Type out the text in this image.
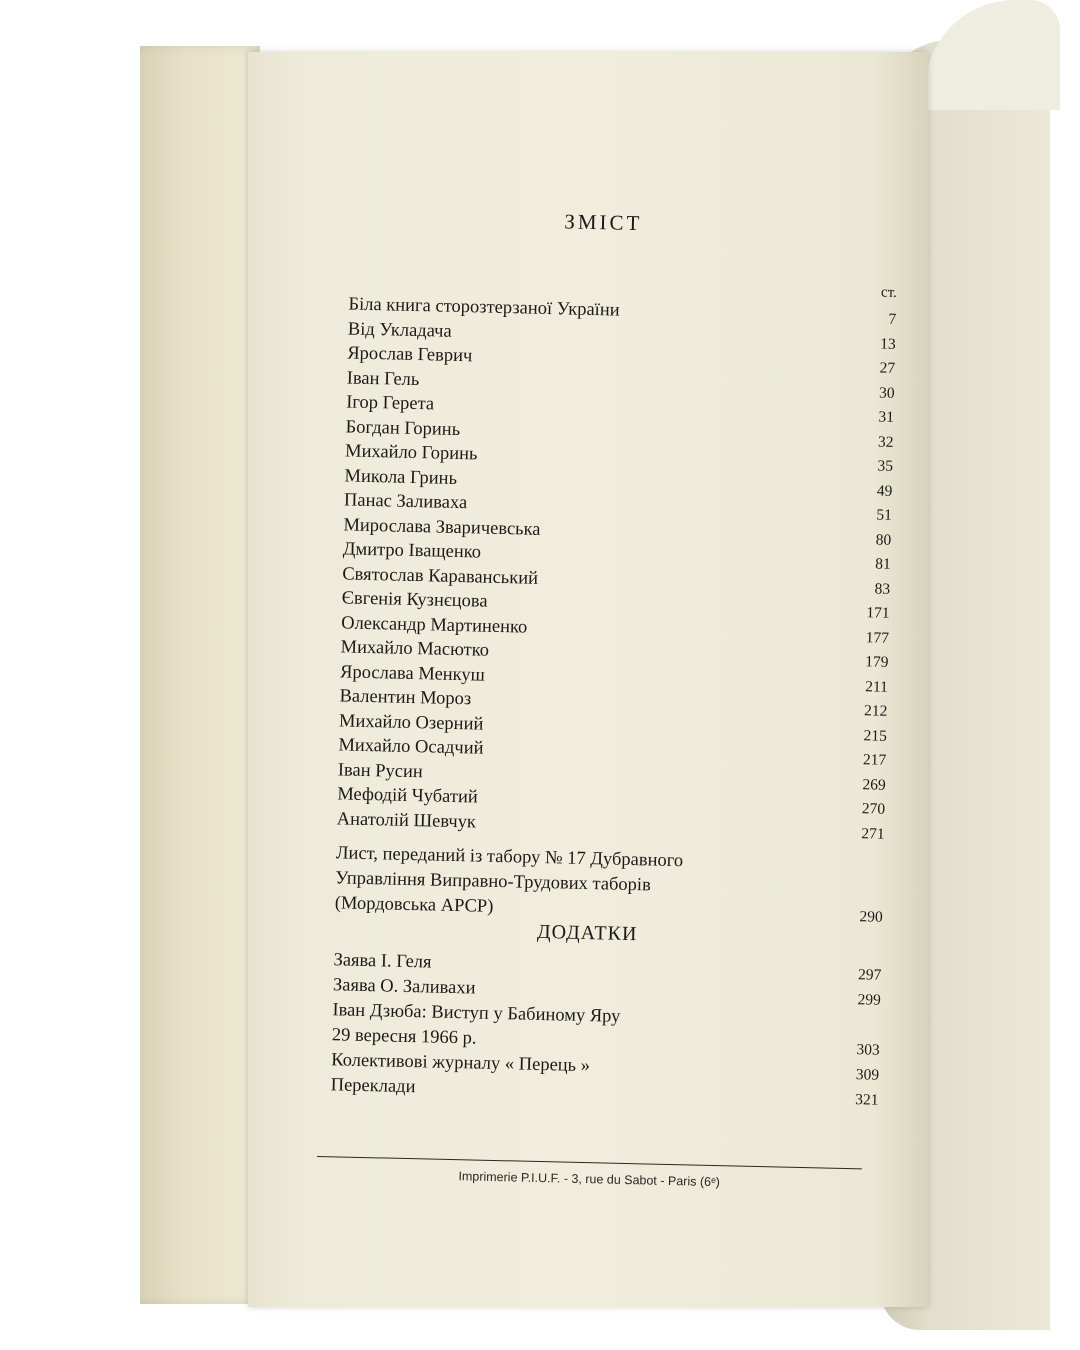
ЗМІСТ
ст.
Біла книга сторозтерзаної України	7
Від Укладача
13
Ярослав Геврич
27
Іван Гель
30
Ігор Герета
31
Богдан Горинь
32
Михайло Горинь
35
Микола Гринь
49
Панас Заливаха
51
Мирослава Зваричевська
80
Дмитро Іващенко
81
Святослав Караванський
83
Євгенія Кузнєцова
171
Олександр Мартиненко
177
Михайло Масютко
179
Ярослава Менкуш
211
Валентин Мороз
212
Михайло Озерний
215
Михайло Осадчий
217
Іван Русин
269
Мефодій Чубатий
270
Анатолій Шевчук
271
Лист, переданий із табору № 17 Дубравного
Управління Виправно-Трудових таборів
(Мордовська АРСР)
290
ДОДАТКИ
Заява І. Геля
297
Заява О. Заливахи
299
Іван Дзюба: Виступ у Бабиному Яру
29 вересня 1966 р.
303
Колективові журналу « Перець »	309
Переклади
321
Imprimerie P.I.U.F. - 3, rue du Sabot - Paris (6ᵉ)
